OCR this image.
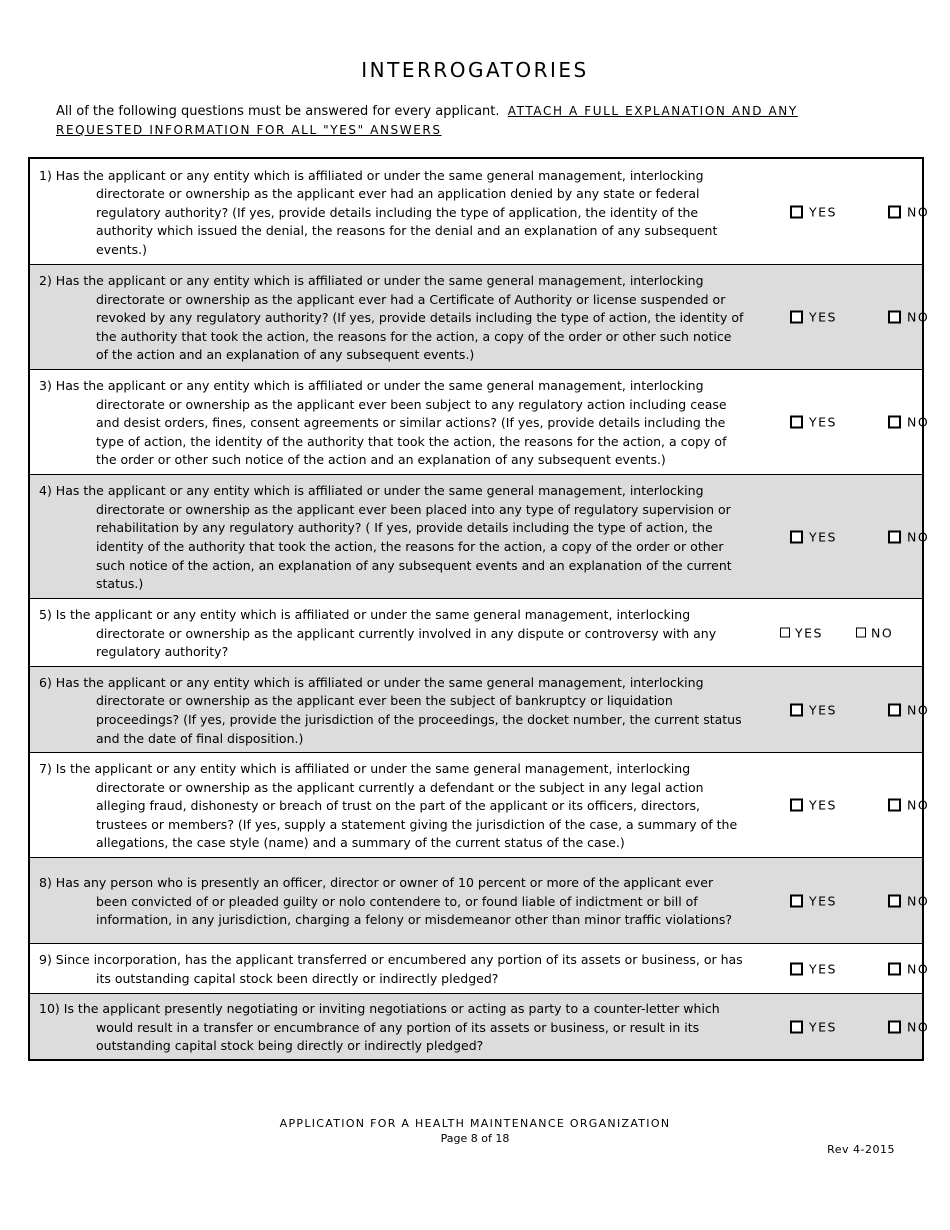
INTERROGATORIES
All of the following questions must be answered for every applicant. ATTACH A FULL EXPLANATION AND ANY REQUESTED INFORMATION FOR ALL "YES" ANSWERS
1) Has the applicant or any entity which is affiliated or under the same general management, interlocking directorate or ownership as the applicant ever had an application denied by any state or federal regulatory authority? (If yes, provide details including the type of application, the identity of the authority which issued the denial, the reasons for the denial and an explanation of any subsequent events.)
YES	NO
2) Has the applicant or any entity which is affiliated or under the same general management, interlocking directorate or ownership as the applicant ever had a Certificate of Authority or license suspended or revoked by any regulatory authority? (If yes, provide details including the type of action, the identity of the authority that took the action, the reasons for the action, a copy of the order or other such notice of the action and an explanation of any subsequent events.)
YES	NO
3) Has the applicant or any entity which is affiliated or under the same general management, interlocking directorate or ownership as the applicant ever been subject to any regulatory action including cease and desist orders, fines, consent agreements or similar actions? (If yes, provide details including the type of action, the identity of the authority that took the action, the reasons for the action, a copy of the order or other such notice of the action and an explanation of any subsequent events.)
YES	NO
4) Has the applicant or any entity which is affiliated or under the same general management, interlocking directorate or ownership as the applicant ever been placed into any type of regulatory supervision or rehabilitation by any regulatory authority? ( If yes, provide details including the type of action, the identity of the authority that took the action, the reasons for the action, a copy of the order or other such notice of the action, an explanation of any subsequent events and an explanation of the current status.)
YES	NO
5) Is the applicant or any entity which is affiliated or under the same general management, interlocking directorate or ownership as the applicant currently involved in any dispute or controversy with any regulatory authority?
YES	NO
6) Has the applicant or any entity which is affiliated or under the same general management, interlocking directorate or ownership as the applicant ever been the subject of bankruptcy or liquidation proceedings? (If yes, provide the jurisdiction of the proceedings, the docket number, the current status and the date of final disposition.)
YES	NO
7) Is the applicant or any entity which is affiliated or under the same general management, interlocking directorate or ownership as the applicant currently a defendant or the subject in any legal action alleging fraud, dishonesty or breach of trust on the part of the applicant or its officers, directors, trustees or members? (If yes, supply a statement giving the jurisdiction of the case, a summary of the allegations, the case style (name) and a summary of the current status of the case.)
YES	NO
8) Has any person who is presently an officer, director or owner of 10 percent or more of the applicant ever been convicted of or pleaded guilty or nolo contendere to, or found liable of indictment or bill of information, in any jurisdiction, charging a felony or misdemeanor other than minor traffic violations?
YES	NO
9) Since incorporation, has the applicant transferred or encumbered any portion of its assets or business, or has its outstanding capital stock been directly or indirectly pledged?
YES	NO
10) Is the applicant presently negotiating or inviting negotiations or acting as party to a counter-letter which would result in a transfer or encumbrance of any portion of its assets or business, or result in its outstanding capital stock being directly or indirectly pledged?
YES	NO
APPLICATION FOR A HEALTH MAINTENANCE ORGANIZATION
Page 8 of 18
Rev 4-2015
